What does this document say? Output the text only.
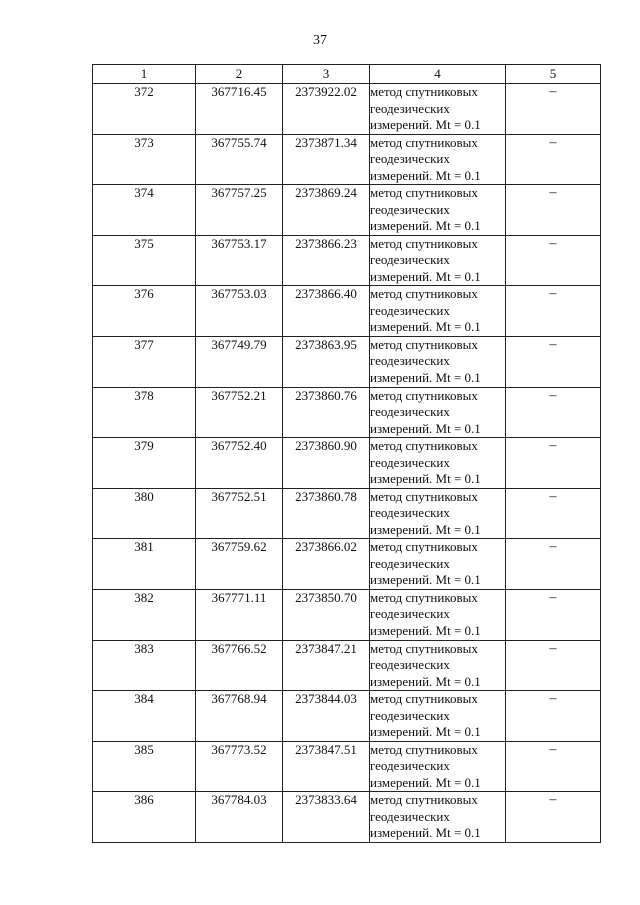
37
1	2	3	4	5
372	367716.45	2373922.02	метод спутниковых геодезических измерений. Mt = 0.1	–
373	367755.74	2373871.34	метод спутниковых геодезических измерений. Mt = 0.1	–
374	367757.25	2373869.24	метод спутниковых геодезических измерений. Mt = 0.1	–
375	367753.17	2373866.23	метод спутниковых геодезических измерений. Mt = 0.1	–
376	367753.03	2373866.40	метод спутниковых геодезических измерений. Mt = 0.1	–
377	367749.79	2373863.95	метод спутниковых геодезических измерений. Mt = 0.1	–
378	367752.21	2373860.76	метод спутниковых геодезических измерений. Mt = 0.1	–
379	367752.40	2373860.90	метод спутниковых геодезических измерений. Mt = 0.1	–
380	367752.51	2373860.78	метод спутниковых геодезических измерений. Mt = 0.1	–
381	367759.62	2373866.02	метод спутниковых геодезических измерений. Mt = 0.1	–
382	367771.11	2373850.70	метод спутниковых геодезических измерений. Mt = 0.1	–
383	367766.52	2373847.21	метод спутниковых геодезических измерений. Mt = 0.1	–
384	367768.94	2373844.03	метод спутниковых геодезических измерений. Mt = 0.1	–
385	367773.52	2373847.51	метод спутниковых геодезических измерений. Mt = 0.1	–
386	367784.03	2373833.64	метод спутниковых геодезических измерений. Mt = 0.1	–
